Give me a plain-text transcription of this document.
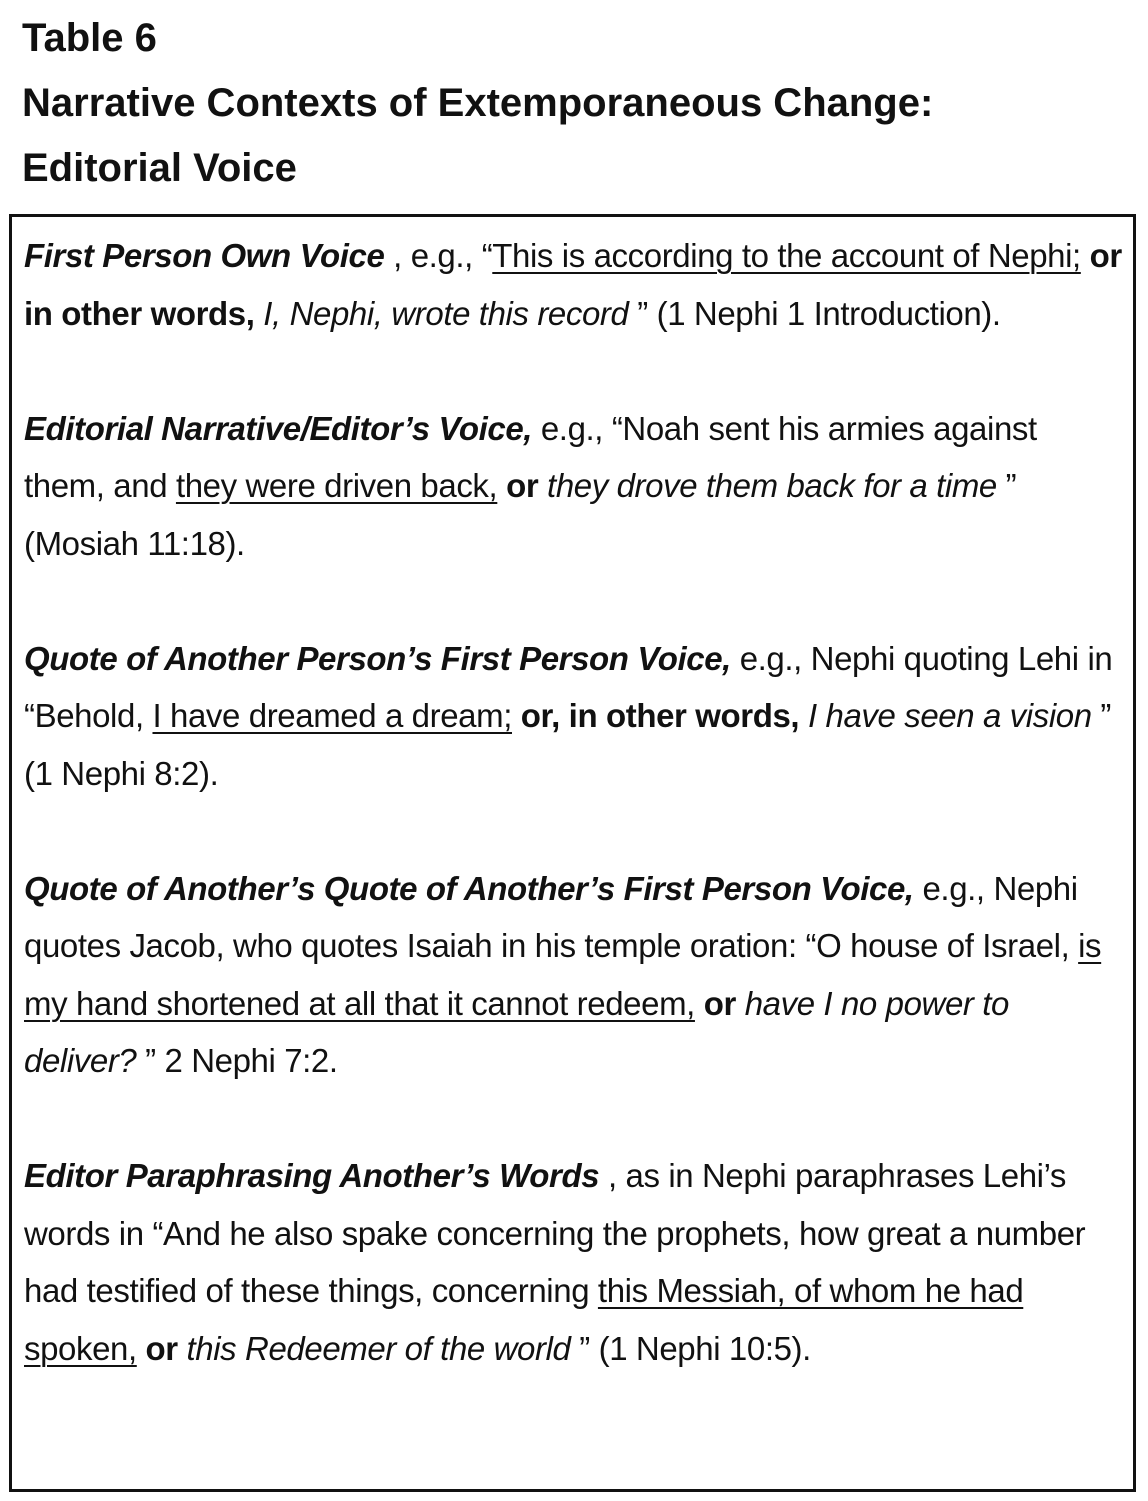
Table 6
Narrative Contexts of Extemporaneous Change:
Editorial Voice
First Person Own Voice , e.g., “This is according to the account of Nephi; or in other words, I, Nephi, wrote this record ” (1 Nephi 1 Introduction).
Editorial Narrative/Editor’s Voice, e.g., “Noah sent his armies against them, and they were driven back, or they drove them back for a time ” (Mosiah 11:18).
Quote of Another Person’s First Person Voice, e.g., Nephi quoting Lehi in “Behold, I have dreamed a dream; or, in other words, I have seen a vision ” (1 Nephi 8:2).
Quote of Another’s Quote of Another’s First Person Voice, e.g., Nephi quotes Jacob, who quotes Isaiah in his temple oration: “O house of Israel, is my hand shortened at all that it cannot redeem, or have I no power to deliver? ” 2 Nephi 7:2.
Editor Paraphrasing Another’s Words , as in Nephi paraphrases Lehi’s words in “And he also spake concerning the prophets, how great a number had testified of these things, concerning this Messiah, of whom he had spoken, or this Redeemer of the world ” (1 Nephi 10:5).
